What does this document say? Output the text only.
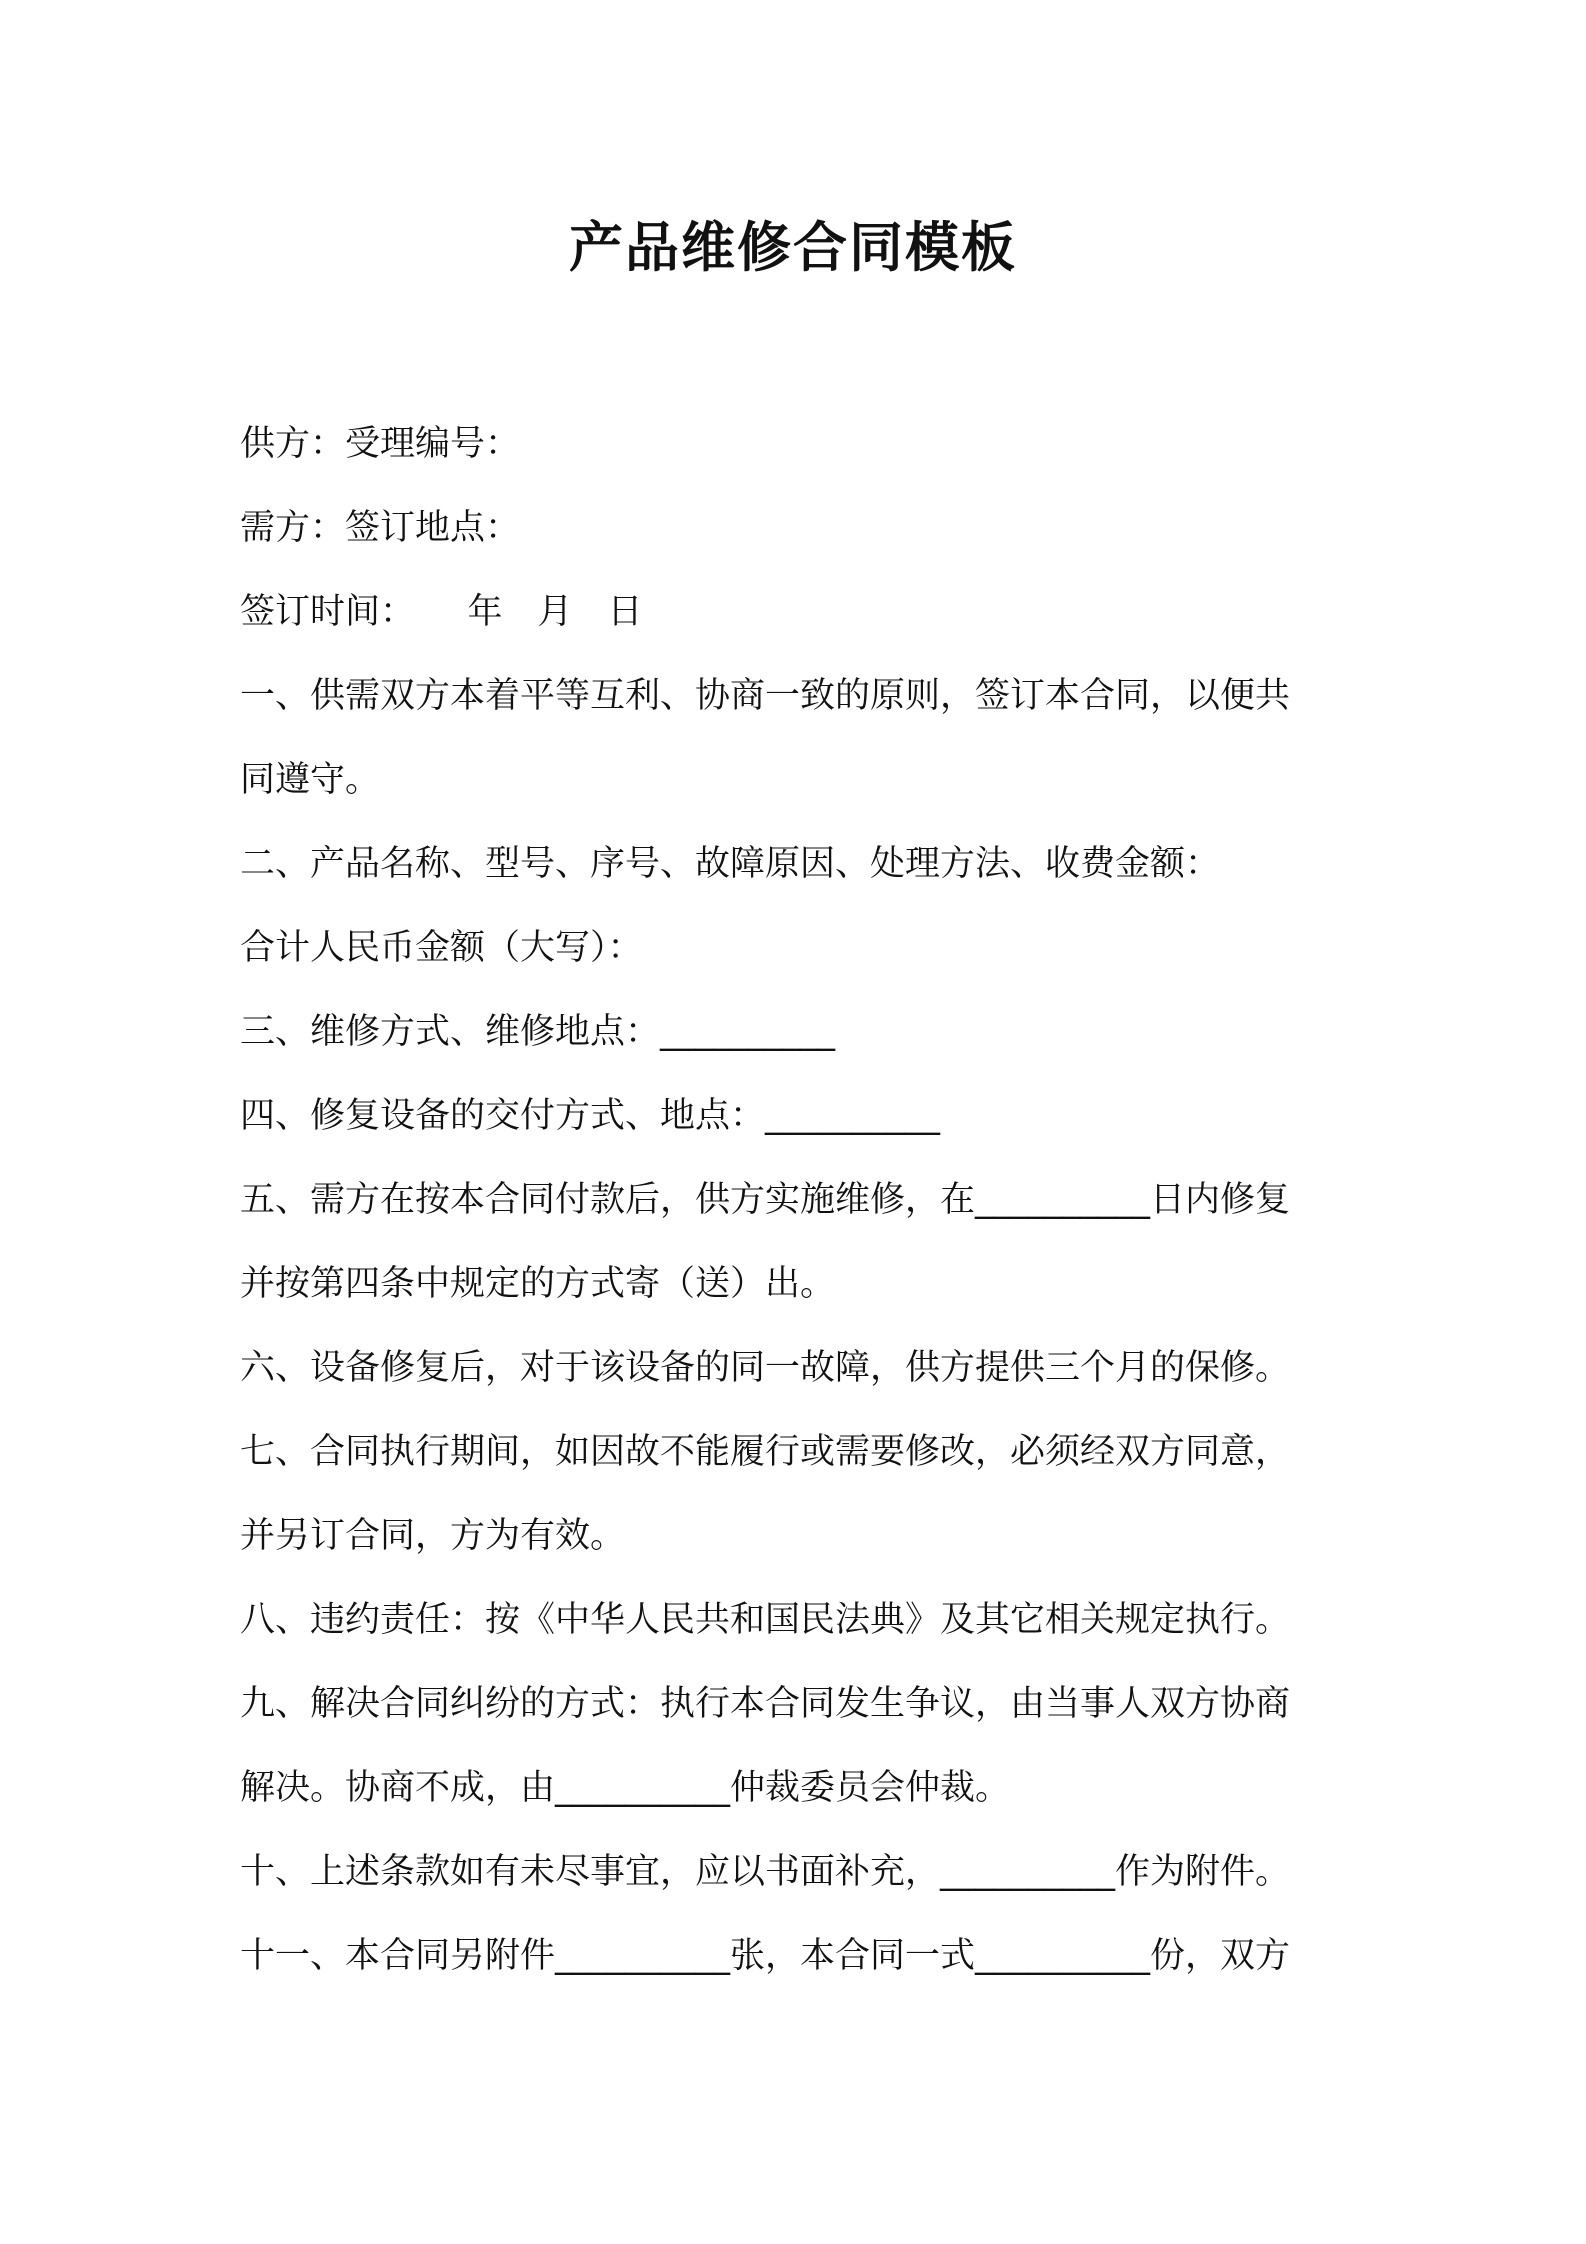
产品维修合同模板
供方：受理编号：
需方：签订地点：
签订时间：　　年　月　日
一、供需双方本着平等互利、协商一致的原则，签订本合同，以便共
同遵守。
二、产品名称、型号、序号、故障原因、处理方法、收费金额：
合计人民币金额（大写）：
三、维修方式、维修地点：__________
四、修复设备的交付方式、地点：__________
五、需方在按本合同付款后，供方实施维修，在__________日内修复
并按第四条中规定的方式寄（送）出。
六、设备修复后，对于该设备的同一故障，供方提供三个月的保修。
七、合同执行期间，如因故不能履行或需要修改，必须经双方同意，
并另订合同，方为有效。
八、违约责任：按《中华人民共和国民法典》及其它相关规定执行。
九、解决合同纠纷的方式：执行本合同发生争议，由当事人双方协商
解决。协商不成，由__________仲裁委员会仲裁。
十、上述条款如有未尽事宜，应以书面补充，__________作为附件。
十一、本合同另附件__________张，本合同一式__________份，双方
